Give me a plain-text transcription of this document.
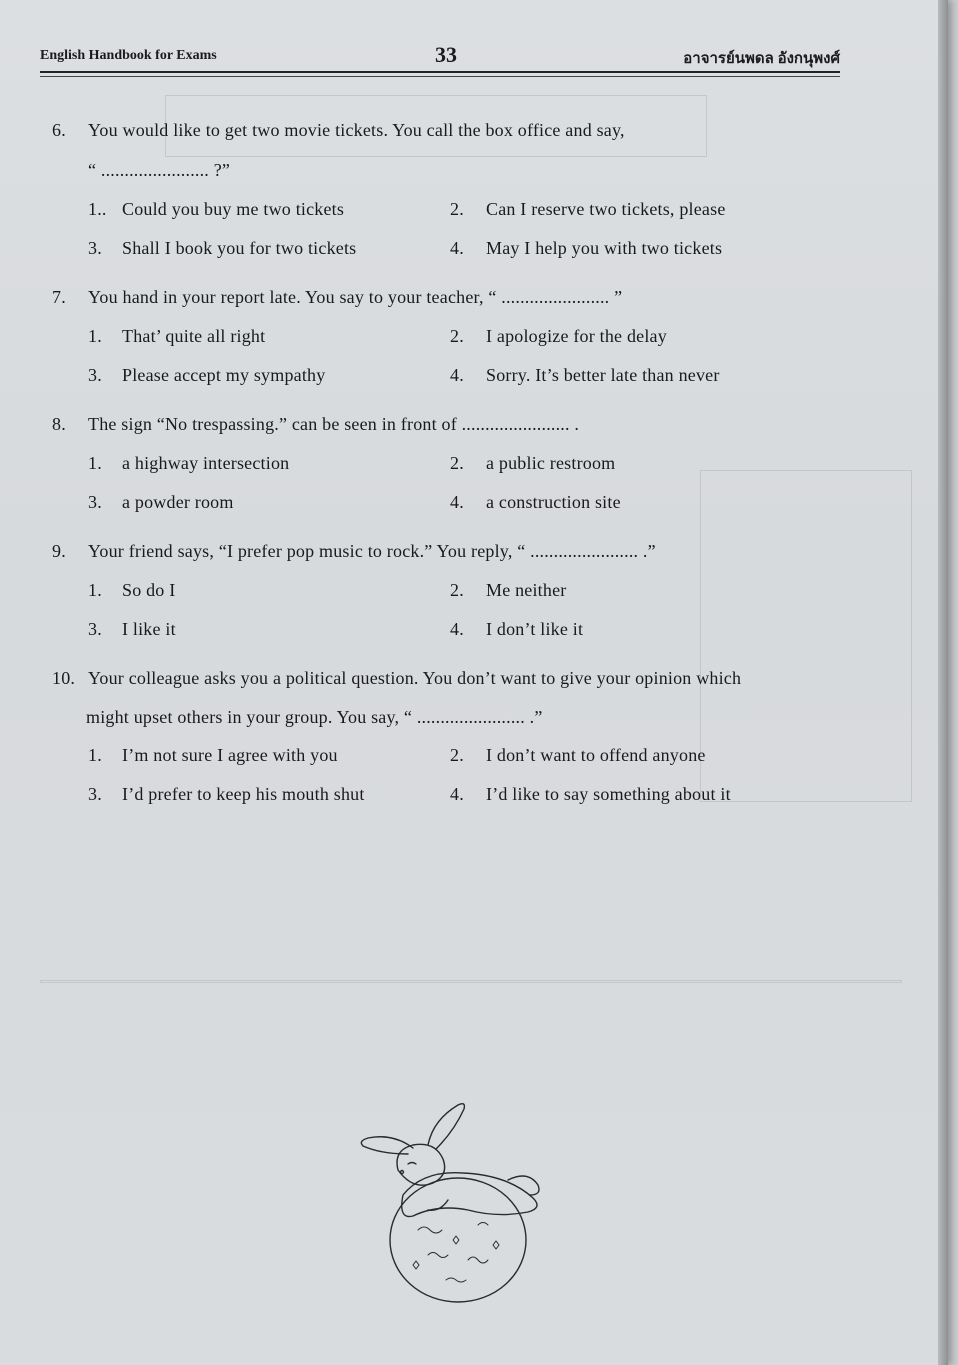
English Handbook for Exams	33	อาจารย์นพดล อังกนุพงศ์
6. You would like to get two movie tickets. You call the box office and say,
“ ....................... ?”
1.. Could you buy me two tickets	2. Can I reserve two tickets, please
3. Shall I book you for two tickets	4. May I help you with two tickets
7. You hand in your report late. You say to your teacher, “ ....................... ”
1. That’ quite all right	2. I apologize for the delay
3. Please accept my sympathy	4. Sorry. It’s better late than never
8. The sign “No trespassing.” can be seen in front of ....................... .
1. a highway intersection	2. a public restroom
3. a powder room	4. a construction site
9. Your friend says, “I prefer pop music to rock.” You reply, “ ....................... .”
1. So do I	2. Me neither
3. I like it	4. I don’t like it
10. Your colleague asks you a political question. You don’t want to give your opinion which
might upset others in your group. You say, “ ....................... .”
1. I’m not sure I agree with you	2. I don’t want to offend anyone
3. I’d prefer to keep his mouth shut	4. I’d like to say something about it
